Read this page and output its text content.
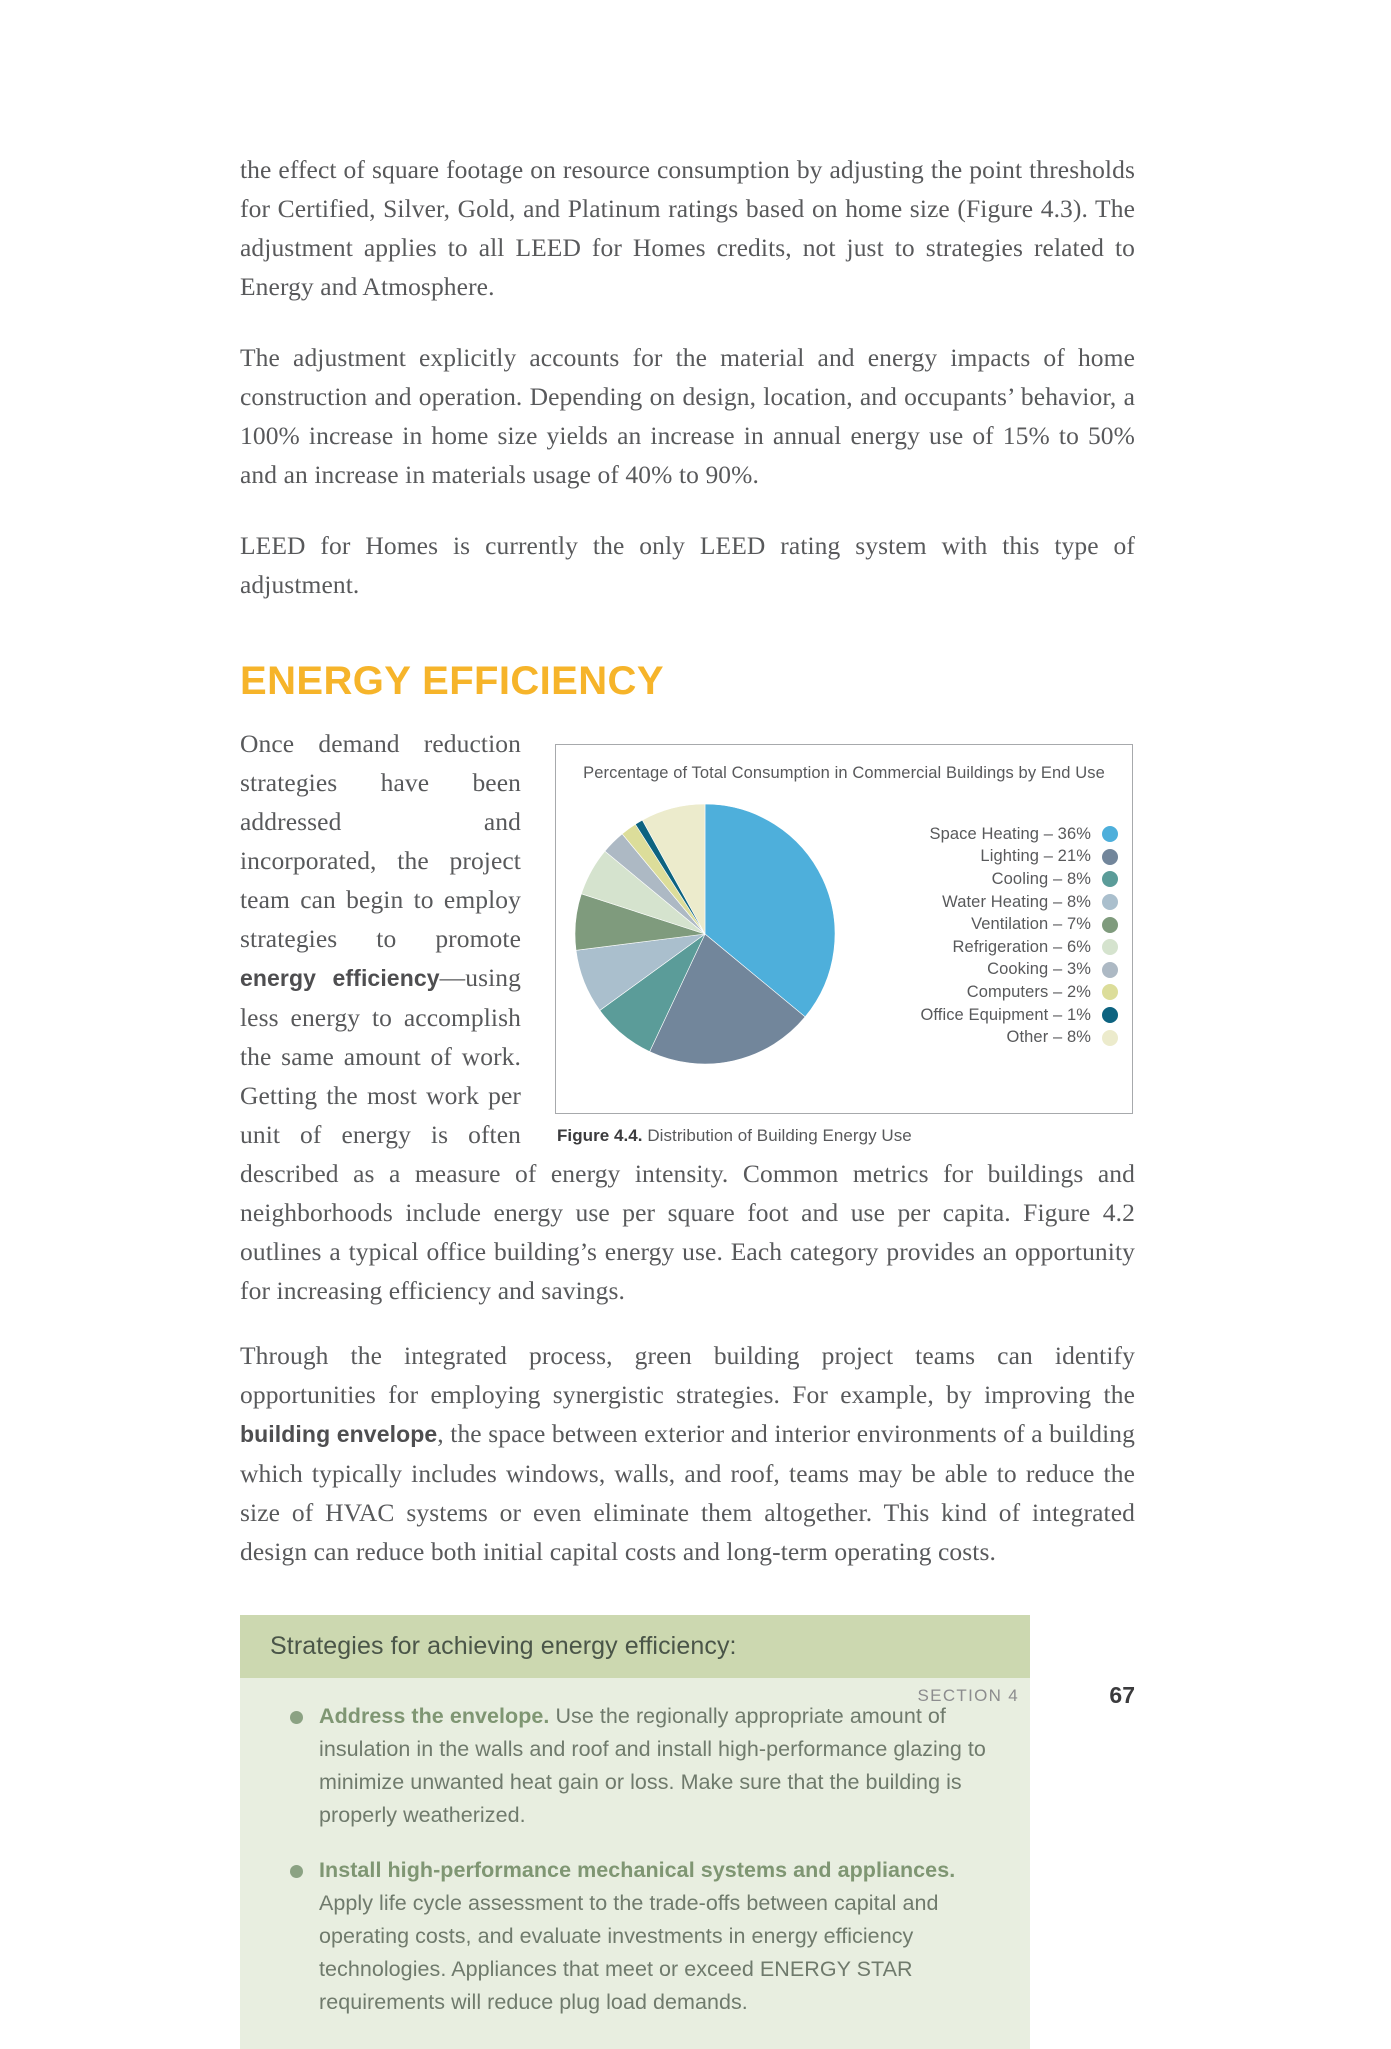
the effect of square footage on resource consumption by adjusting the point thresholds for Certified, Silver, Gold, and Platinum ratings based on home size (Figure 4.3). The adjustment applies to all LEED for Homes credits, not just to strategies related to Energy and Atmosphere.

The adjustment explicitly accounts for the material and energy impacts of home construction and operation. Depending on design, location, and occupants’ behavior, a 100% increase in home size yields an increase in annual energy use of 15% to 50% and an increase in materials usage of 40% to 90%.

LEED for Homes is currently the only LEED rating system with this type of adjustment.

ENERGY EFFICIENCY
Percentage of Total Consumption in Commercial Buildings by End Use
Space Heating – 36%
Lighting – 21%
Cooling – 8%
Water Heating – 8%
Ventilation – 7%
Refrigeration – 6%
Cooking – 3%
Computers – 2%
Office Equipment – 1%
Other – 8%
Figure 4.4. Distribution of Building Energy Use

Once demand reduction strategies have been addressed and incorporated, the project team can begin to employ strategies to promote energy efficiency—using less energy to accomplish the same amount of work. Getting the most work per unit of energy is often described as a measure of energy intensity. Common metrics for buildings and neighborhoods include energy use per square foot and use per capita. Figure 4.2 outlines a typical office building’s energy use. Each category provides an opportunity for increasing efficiency and savings.

Through the integrated process, green building project teams can identify opportunities for employing synergistic strategies. For example, by improving the building envelope, the space between exterior and interior environments of a building which typically includes windows, walls, and roof, teams may be able to reduce the size of HVAC systems or even eliminate them altogether. This kind of integrated design can reduce both initial capital costs and long-term operating costs.

Strategies for achieving energy efficiency:
Address the envelope. Use the regionally appropriate amount of insulation in the walls and roof and install high-performance glazing to minimize unwanted heat gain or loss. Make sure that the building is properly weatherized.
Install high-performance mechanical systems and appliances. Apply life cycle assessment to the trade-offs between capital and operating costs, and evaluate investments in energy efficiency technologies. Appliances that meet or exceed ENERGY STAR requirements will reduce plug load demands.
SECTION 4	67
